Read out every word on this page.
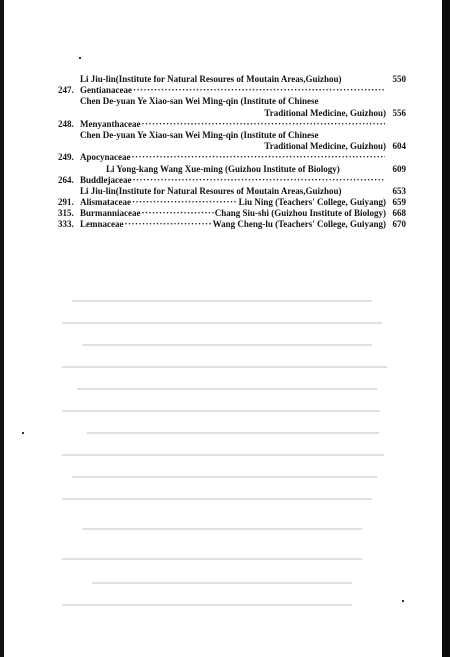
Li Jiu-lin(Institute for Natural Resoures of Moutain Areas,Guizhou)	550
247. Gentianaceae
·····
Chen De-yuan Ye Xiao-san Wei Ming-qin (Institute of Chinese
Traditional Medicine, Guizhou) 556
248. Menyanthaceae
·····
Chen De-yuan Ye Xiao-san Wei Ming-qin (Institute of Chinese
Traditional Medicine, Guizhou) 604
249. Apocynaceae
·····
Li Yong-kang Wang Xue-ming (Guizhou Institute of Biology)	609
264. Buddlejaceae
·····
Li Jiu-lin(Institute for Natural Resoures of Moutain Areas,Guizhou)	653
291. Alismataceae ·····	Liu Ning (Teachers' College, Guiyang) 659
315. Burmanniaceae ·····	Chang Siu-shi (Guizhou Institute of Biology) 668
333. Lemnaceae ·····	Wang Cheng-lu (Teachers' College, Guiyang) 670
